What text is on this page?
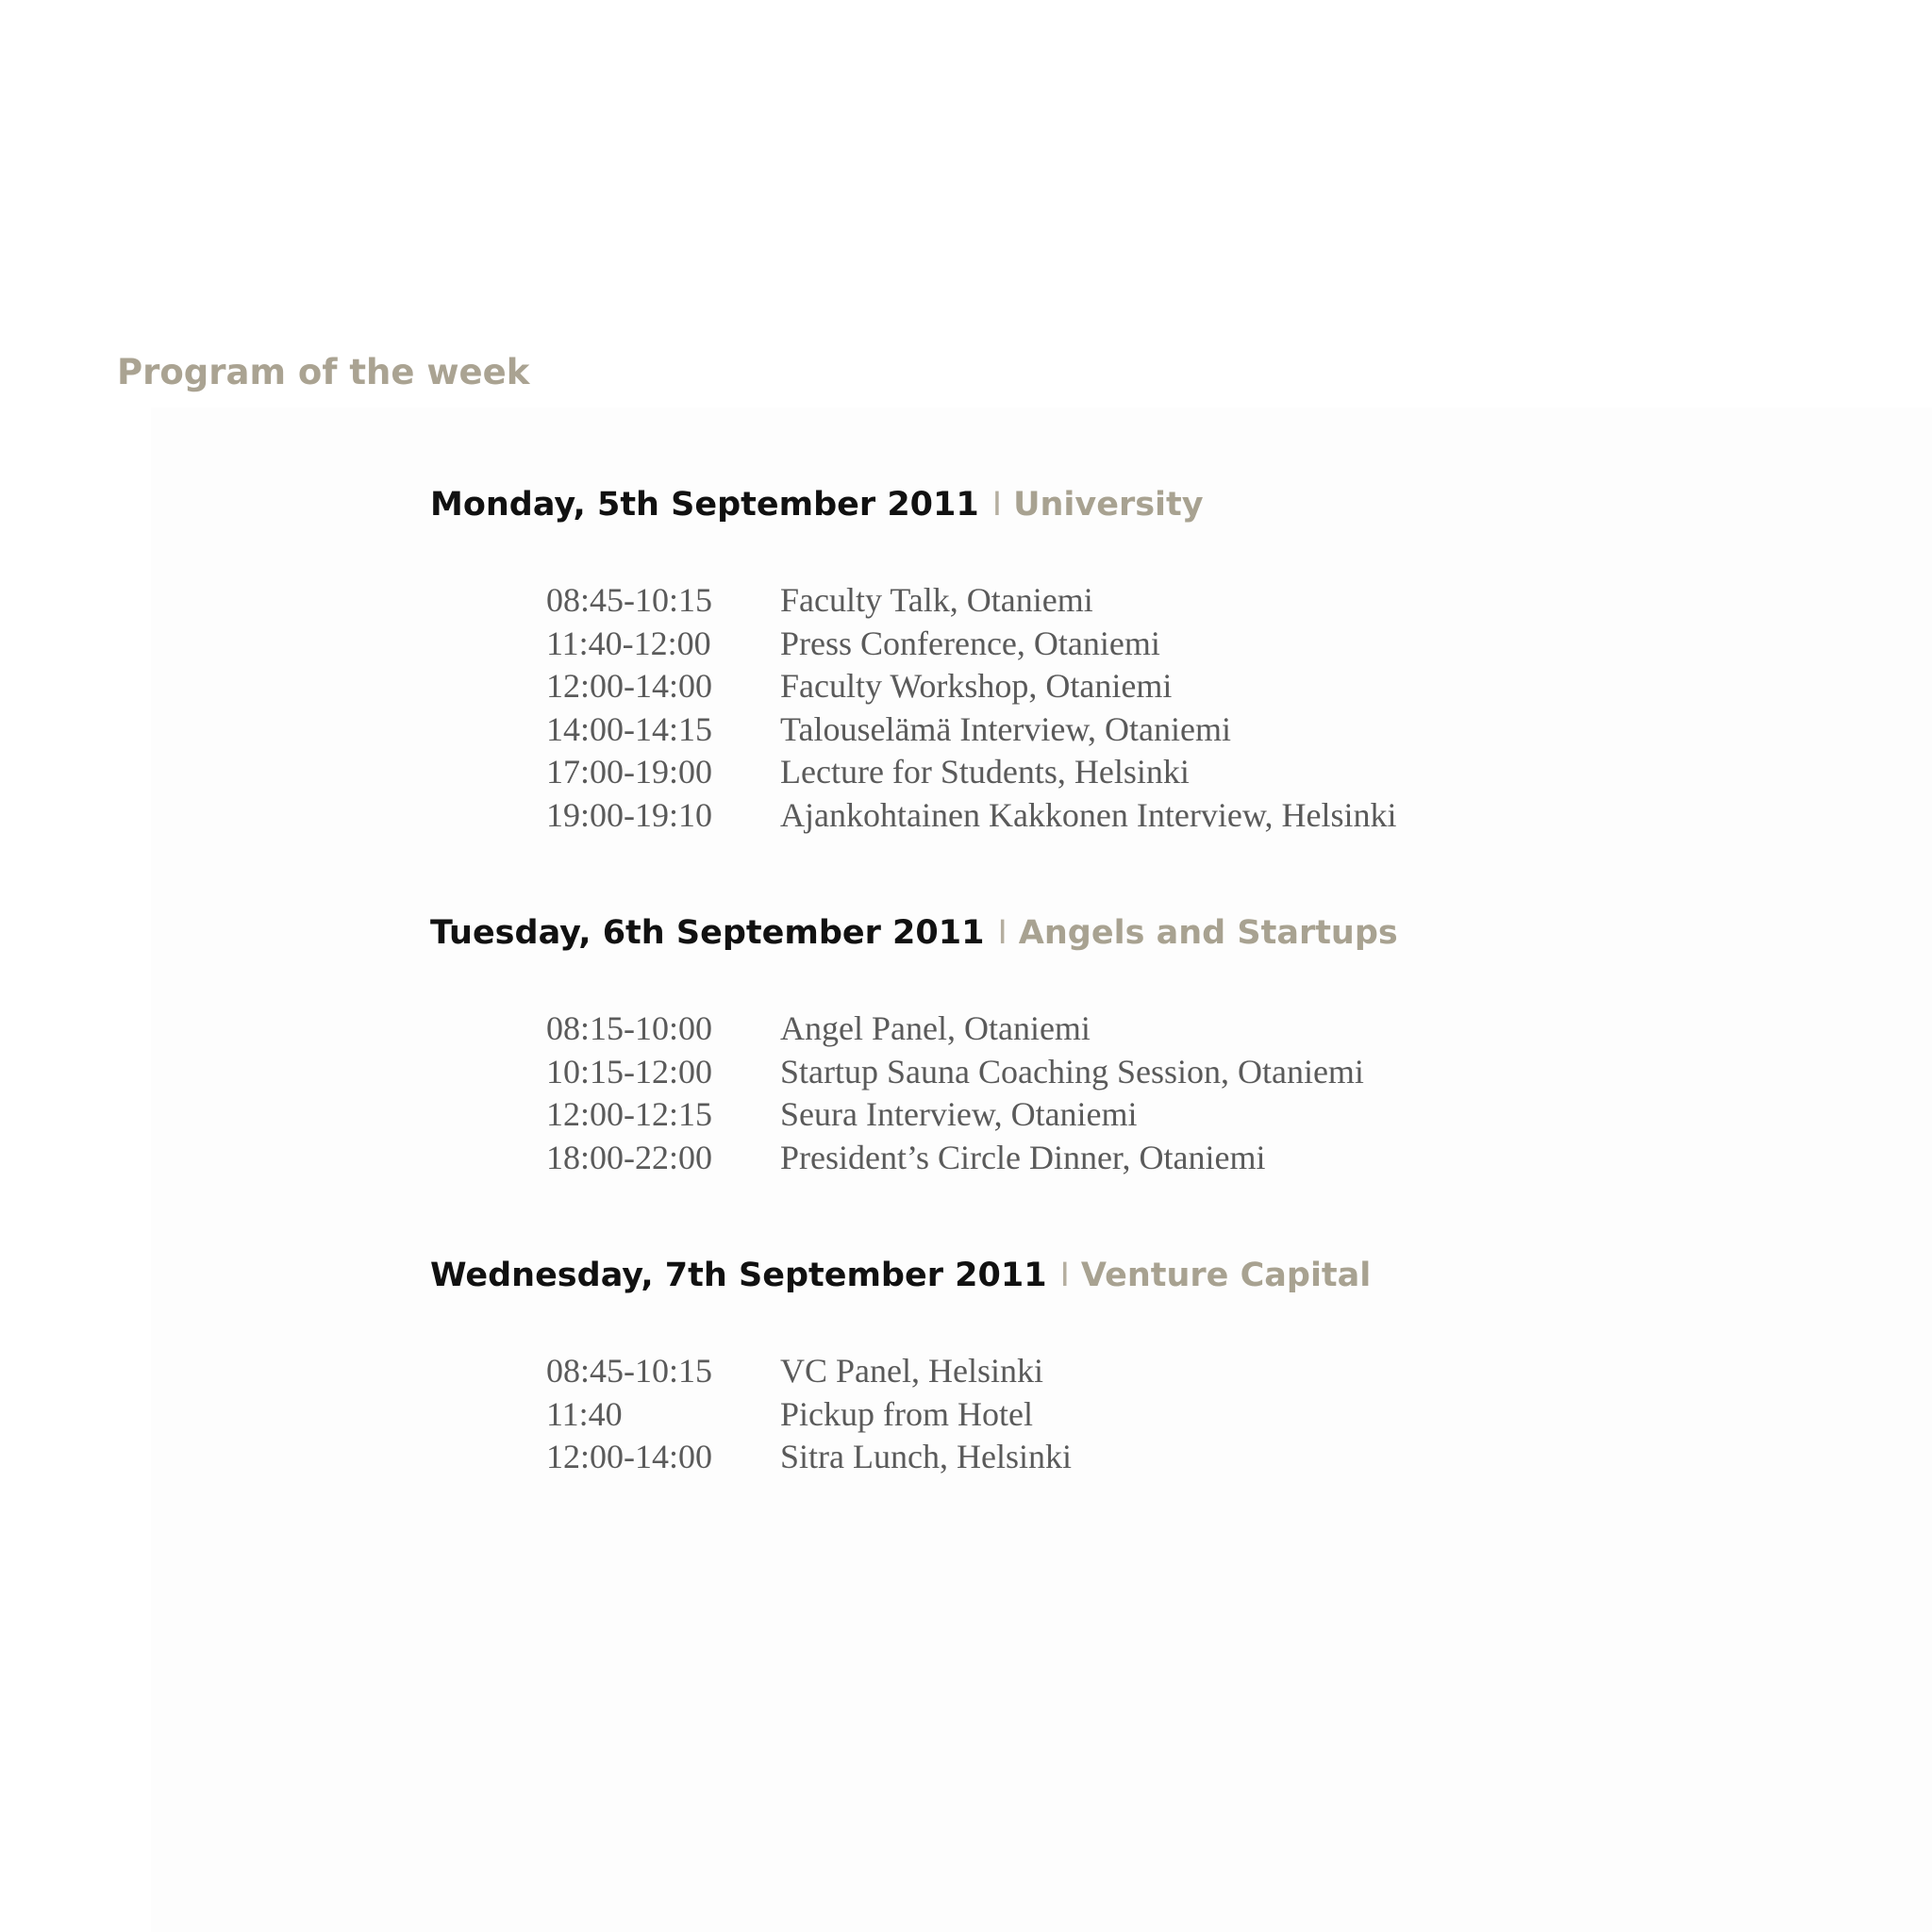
Program of the week
Monday, 5th September 2011 I University
08:45-10:15 Faculty Talk, Otaniemi
11:40-12:00 Press Conference, Otaniemi
12:00-14:00 Faculty Workshop, Otaniemi
14:00-14:15 Talouselämä Interview, Otaniemi
17:00-19:00 Lecture for Students, Helsinki
19:00-19:10 Ajankohtainen Kakkonen Interview, Helsinki
Tuesday, 6th September 2011 I Angels and Startups
08:15-10:00 Angel Panel, Otaniemi
10:15-12:00 Startup Sauna Coaching Session, Otaniemi
12:00-12:15 Seura Interview, Otaniemi
18:00-22:00 President’s Circle Dinner, Otaniemi
Wednesday, 7th September 2011 I Venture Capital
08:45-10:15 VC Panel, Helsinki
11:40	Pickup from Hotel
12:00-14:00 Sitra Lunch, Helsinki
